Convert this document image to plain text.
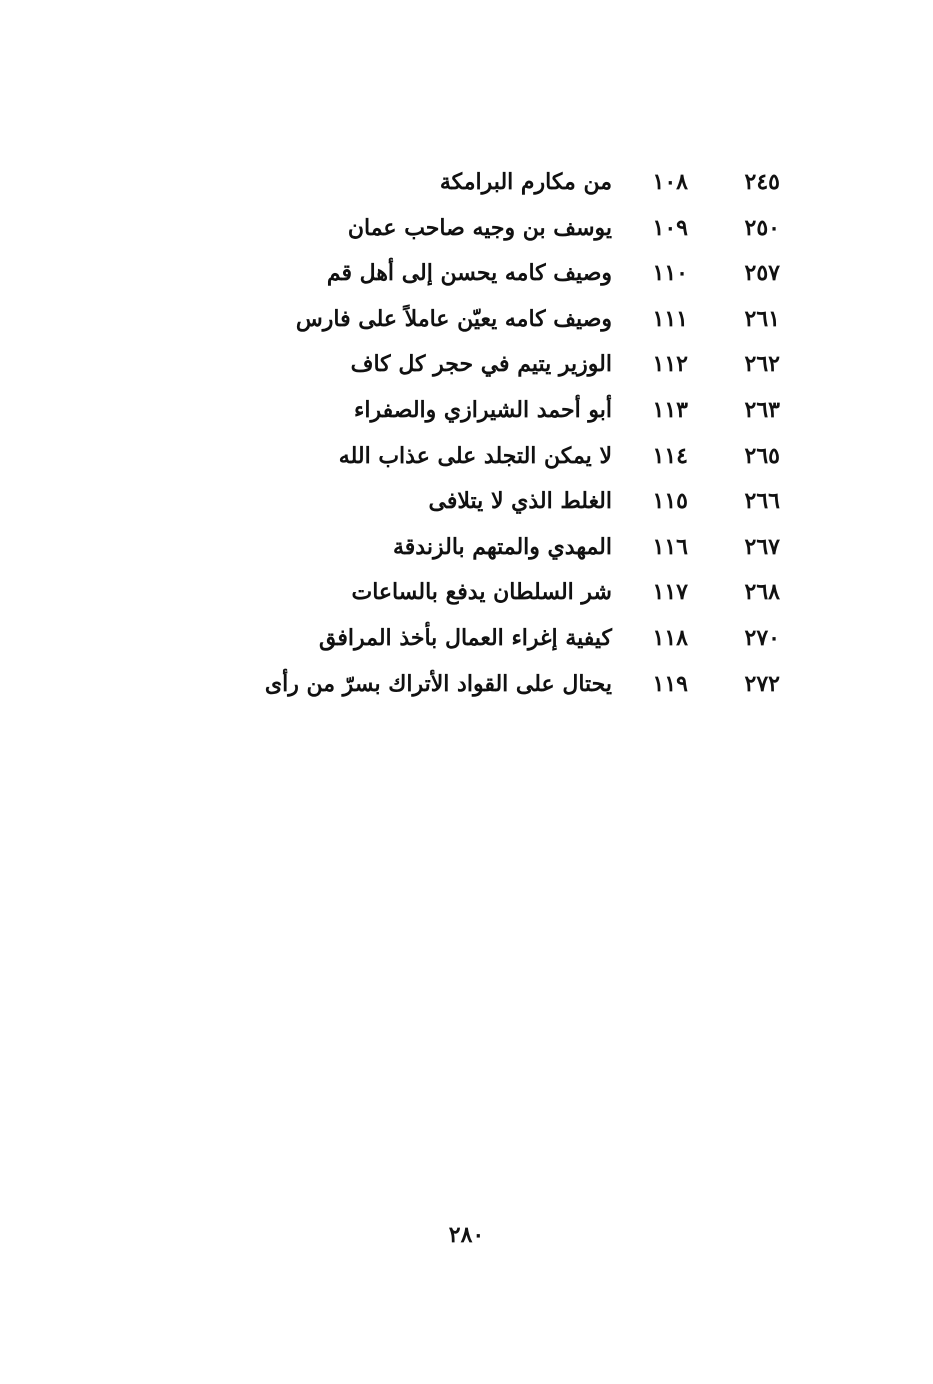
٢٤٥
١٠٨
من مكارم البرامكة
٢٥٠
١٠٩
يوسف بن وجيه صاحب عمان
٢٥٧
١١٠
وصيف كامه يحسن إلى أهل قم
٢٦١
١١١
وصيف كامه يعيّن عاملاً على فارس
٢٦٢
١١٢
الوزير يتيم في حجر كل كاف
٢٦٣
١١٣
أبو أحمد الشيرازي والصفراء
٢٦٥
١١٤
لا يمكن التجلد على عذاب الله
٢٦٦
١١٥
الغلط الذي لا يتلافى
٢٦٧
١١٦
المهدي والمتهم بالزندقة
٢٦٨
١١٧
شر السلطان يدفع بالساعات
٢٧٠
١١٨
كيفية إغراء العمال بأخذ المرافق
٢٧٢
١١٩
يحتال على القواد الأتراك بسرّ من رأى
٢٨٠
